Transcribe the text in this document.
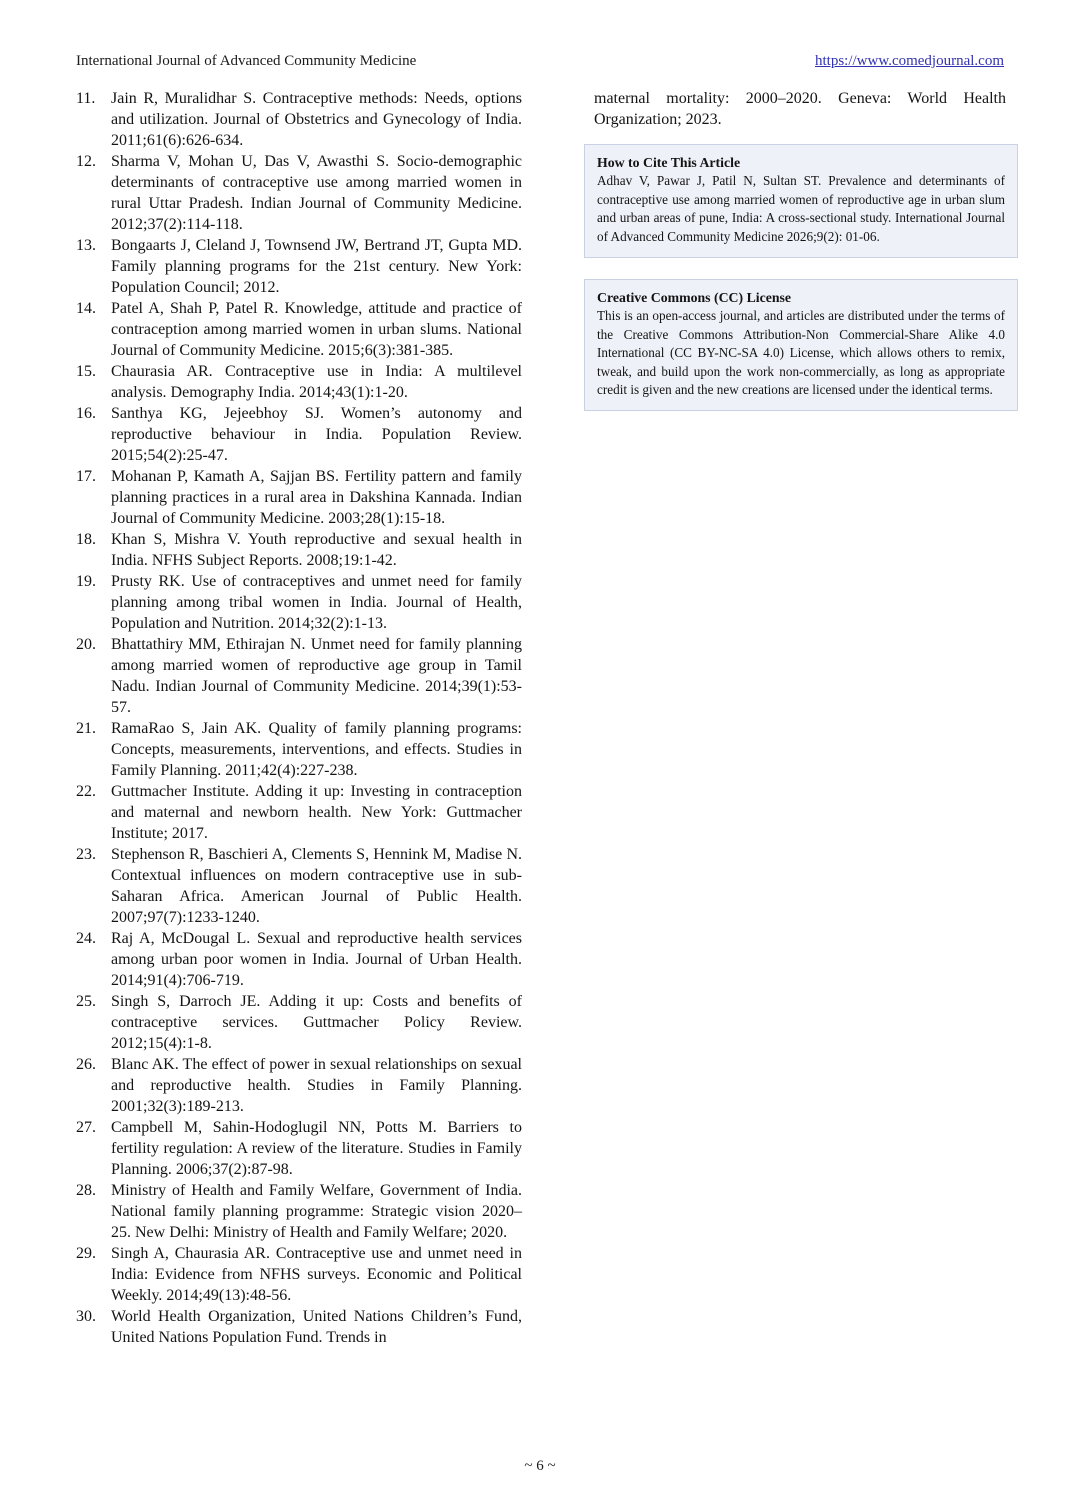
International Journal of Advanced Community Medicine	https://www.comedjournal.com
11. Jain R, Muralidhar S. Contraceptive methods: Needs, options and utilization. Journal of Obstetrics and Gynecology of India. 2011;61(6):626-634.
12. Sharma V, Mohan U, Das V, Awasthi S. Socio-demographic determinants of contraceptive use among married women in rural Uttar Pradesh. Indian Journal of Community Medicine. 2012;37(2):114-118.
13. Bongaarts J, Cleland J, Townsend JW, Bertrand JT, Gupta MD. Family planning programs for the 21st century. New York: Population Council; 2012.
14. Patel A, Shah P, Patel R. Knowledge, attitude and practice of contraception among married women in urban slums. National Journal of Community Medicine. 2015;6(3):381-385.
15. Chaurasia AR. Contraceptive use in India: A multilevel analysis. Demography India. 2014;43(1):1-20.
16. Santhya KG, Jejeebhoy SJ. Women’s autonomy and reproductive behaviour in India. Population Review. 2015;54(2):25-47.
17. Mohanan P, Kamath A, Sajjan BS. Fertility pattern and family planning practices in a rural area in Dakshina Kannada. Indian Journal of Community Medicine. 2003;28(1):15-18.
18. Khan S, Mishra V. Youth reproductive and sexual health in India. NFHS Subject Reports. 2008;19:1-42.
19. Prusty RK. Use of contraceptives and unmet need for family planning among tribal women in India. Journal of Health, Population and Nutrition. 2014;32(2):1-13.
20. Bhattathiry MM, Ethirajan N. Unmet need for family planning among married women of reproductive age group in Tamil Nadu. Indian Journal of Community Medicine. 2014;39(1):53-57.
21. RamaRao S, Jain AK. Quality of family planning programs: Concepts, measurements, interventions, and effects. Studies in Family Planning. 2011;42(4):227-238.
22. Guttmacher Institute. Adding it up: Investing in contraception and maternal and newborn health. New York: Guttmacher Institute; 2017.
23. Stephenson R, Baschieri A, Clements S, Hennink M, Madise N. Contextual influences on modern contraceptive use in sub-Saharan Africa. American Journal of Public Health. 2007;97(7):1233-1240.
24. Raj A, McDougal L. Sexual and reproductive health services among urban poor women in India. Journal of Urban Health. 2014;91(4):706-719.
25. Singh S, Darroch JE. Adding it up: Costs and benefits of contraceptive services. Guttmacher Policy Review. 2012;15(4):1-8.
26. Blanc AK. The effect of power in sexual relationships on sexual and reproductive health. Studies in Family Planning. 2001;32(3):189-213.
27. Campbell M, Sahin-Hodoglugil NN, Potts M. Barriers to fertility regulation: A review of the literature. Studies in Family Planning. 2006;37(2):87-98.
28. Ministry of Health and Family Welfare, Government of India. National family planning programme: Strategic vision 2020–25. New Delhi: Ministry of Health and Family Welfare; 2020.
29. Singh A, Chaurasia AR. Contraceptive use and unmet need in India: Evidence from NFHS surveys. Economic and Political Weekly. 2014;49(13):48-56.
30. World Health Organization, United Nations Children’s Fund, United Nations Population Fund. Trends in

maternal mortality: 2000–2020. Geneva: World Health Organization; 2023.

How to Cite This Article
Adhav V, Pawar J, Patil N, Sultan ST. Prevalence and determinants of contraceptive use among married women of reproductive age in urban slum and urban areas of pune, India: A cross-sectional study. International Journal of Advanced Community Medicine 2026;9(2): 01-06.
Creative Commons (CC) License
This is an open-access journal, and articles are distributed under the terms of the Creative Commons Attribution-Non Commercial-Share Alike 4.0 International (CC BY-NC-SA 4.0) License, which allows others to remix, tweak, and build upon the work non-commercially, as long as appropriate credit is given and the new creations are licensed under the identical terms.
~ 6 ~
